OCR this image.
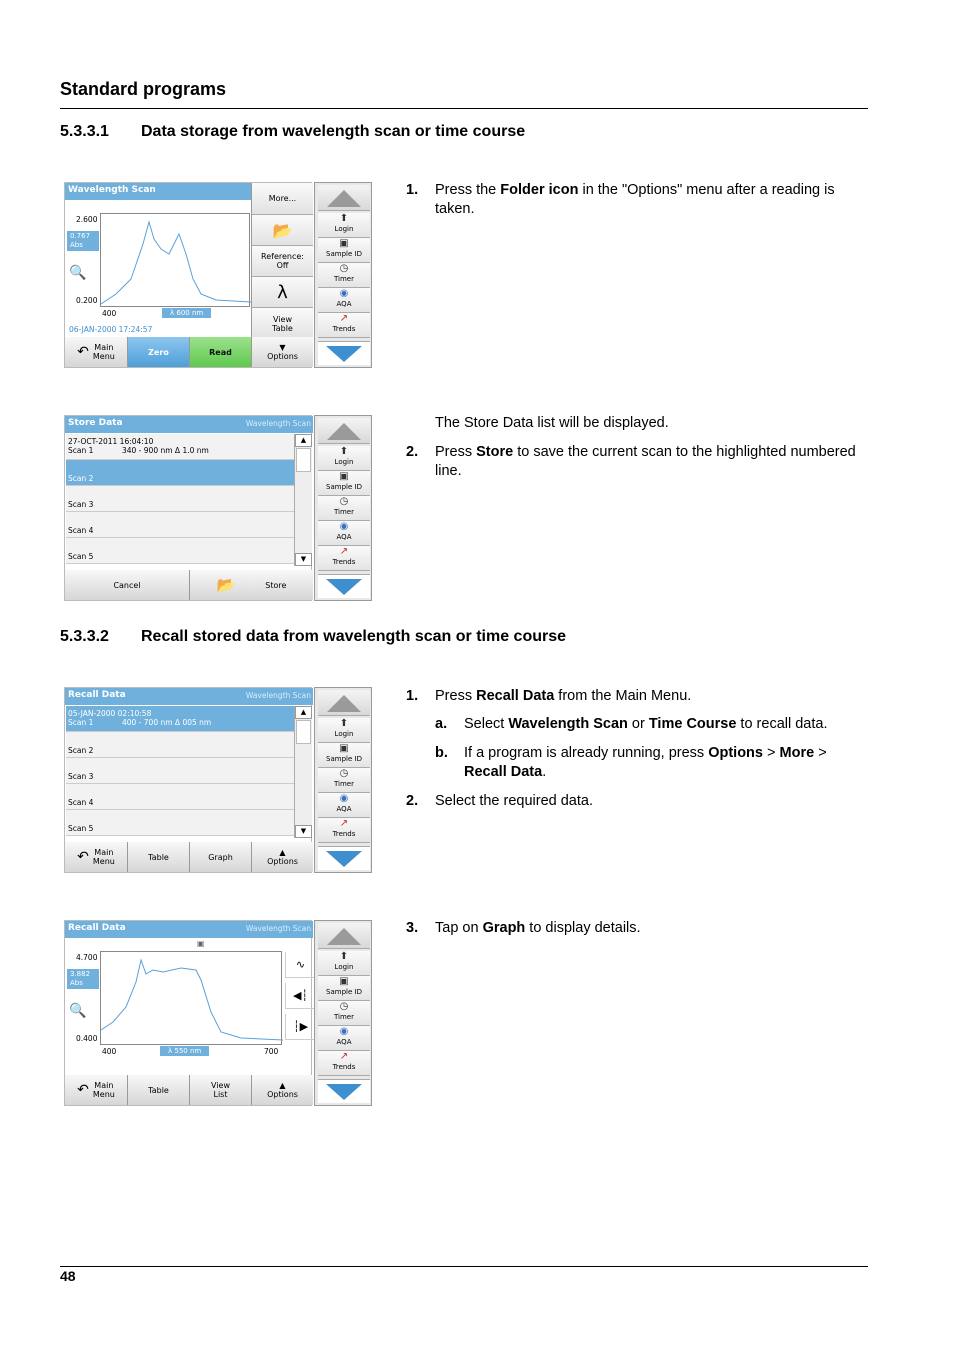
Standard programs
5.3.3.1 Data storage from wavelength scan or time course
Wavelength Scan
2.600
0.767
Abs
🔍
0.200
400	λ 600 nm
06-JAN-2000 17:24:57
More...
📂
Reference:
Off
λ
View
Table
↶ Main
Menu	Zero	Read	▼
Options
⬆
Login
▣
Sample ID
◷
Timer
◉
AQA
↗
Trends
1. Press the Folder icon in the "Options" menu after a reading is taken.
Store Data	Wavelength Scan
27-OCT-2011 16:04:10
Scan 1	340 - 900 nm Δ 1.0 nm
Scan 2
Scan 3
Scan 4
Scan 5
▲
▼
Cancel	📂	Store
⬆
Login
▣
Sample ID
◷
Timer
◉
AQA
↗
Trends
The Store Data list will be displayed.
2. Press Store to save the current scan to the highlighted numbered line.
5.3.3.2 Recall stored data from wavelength scan or time course
Recall Data	Wavelength Scan
05-JAN-2000 02:10:58
Scan 1	400 - 700 nm Δ 005 nm
Scan 2
Scan 3
Scan 4
Scan 5
▲
▼
↶ Main
Menu	Table	Graph	▲
Options
⬆
Login
▣
Sample ID
◷
Timer
◉
AQA
↗
Trends
1. Press Recall Data from the Main Menu.
a. Select Wavelength Scan or Time Course to recall data.
b. If a program is already running, press Options > More > Recall Data.
2. Select the required data.
Recall Data	Wavelength Scan
▣
4.700
3.882
Abs
🔍
0.400
∿
◀┆
┆▶
400	λ 550 nm	700
↶ Main
Menu	Table	View
List
▲
Options
⬆
Login
▣
Sample ID
◷
Timer
◉
AQA
↗
Trends
3. Tap on Graph to display details.
48
